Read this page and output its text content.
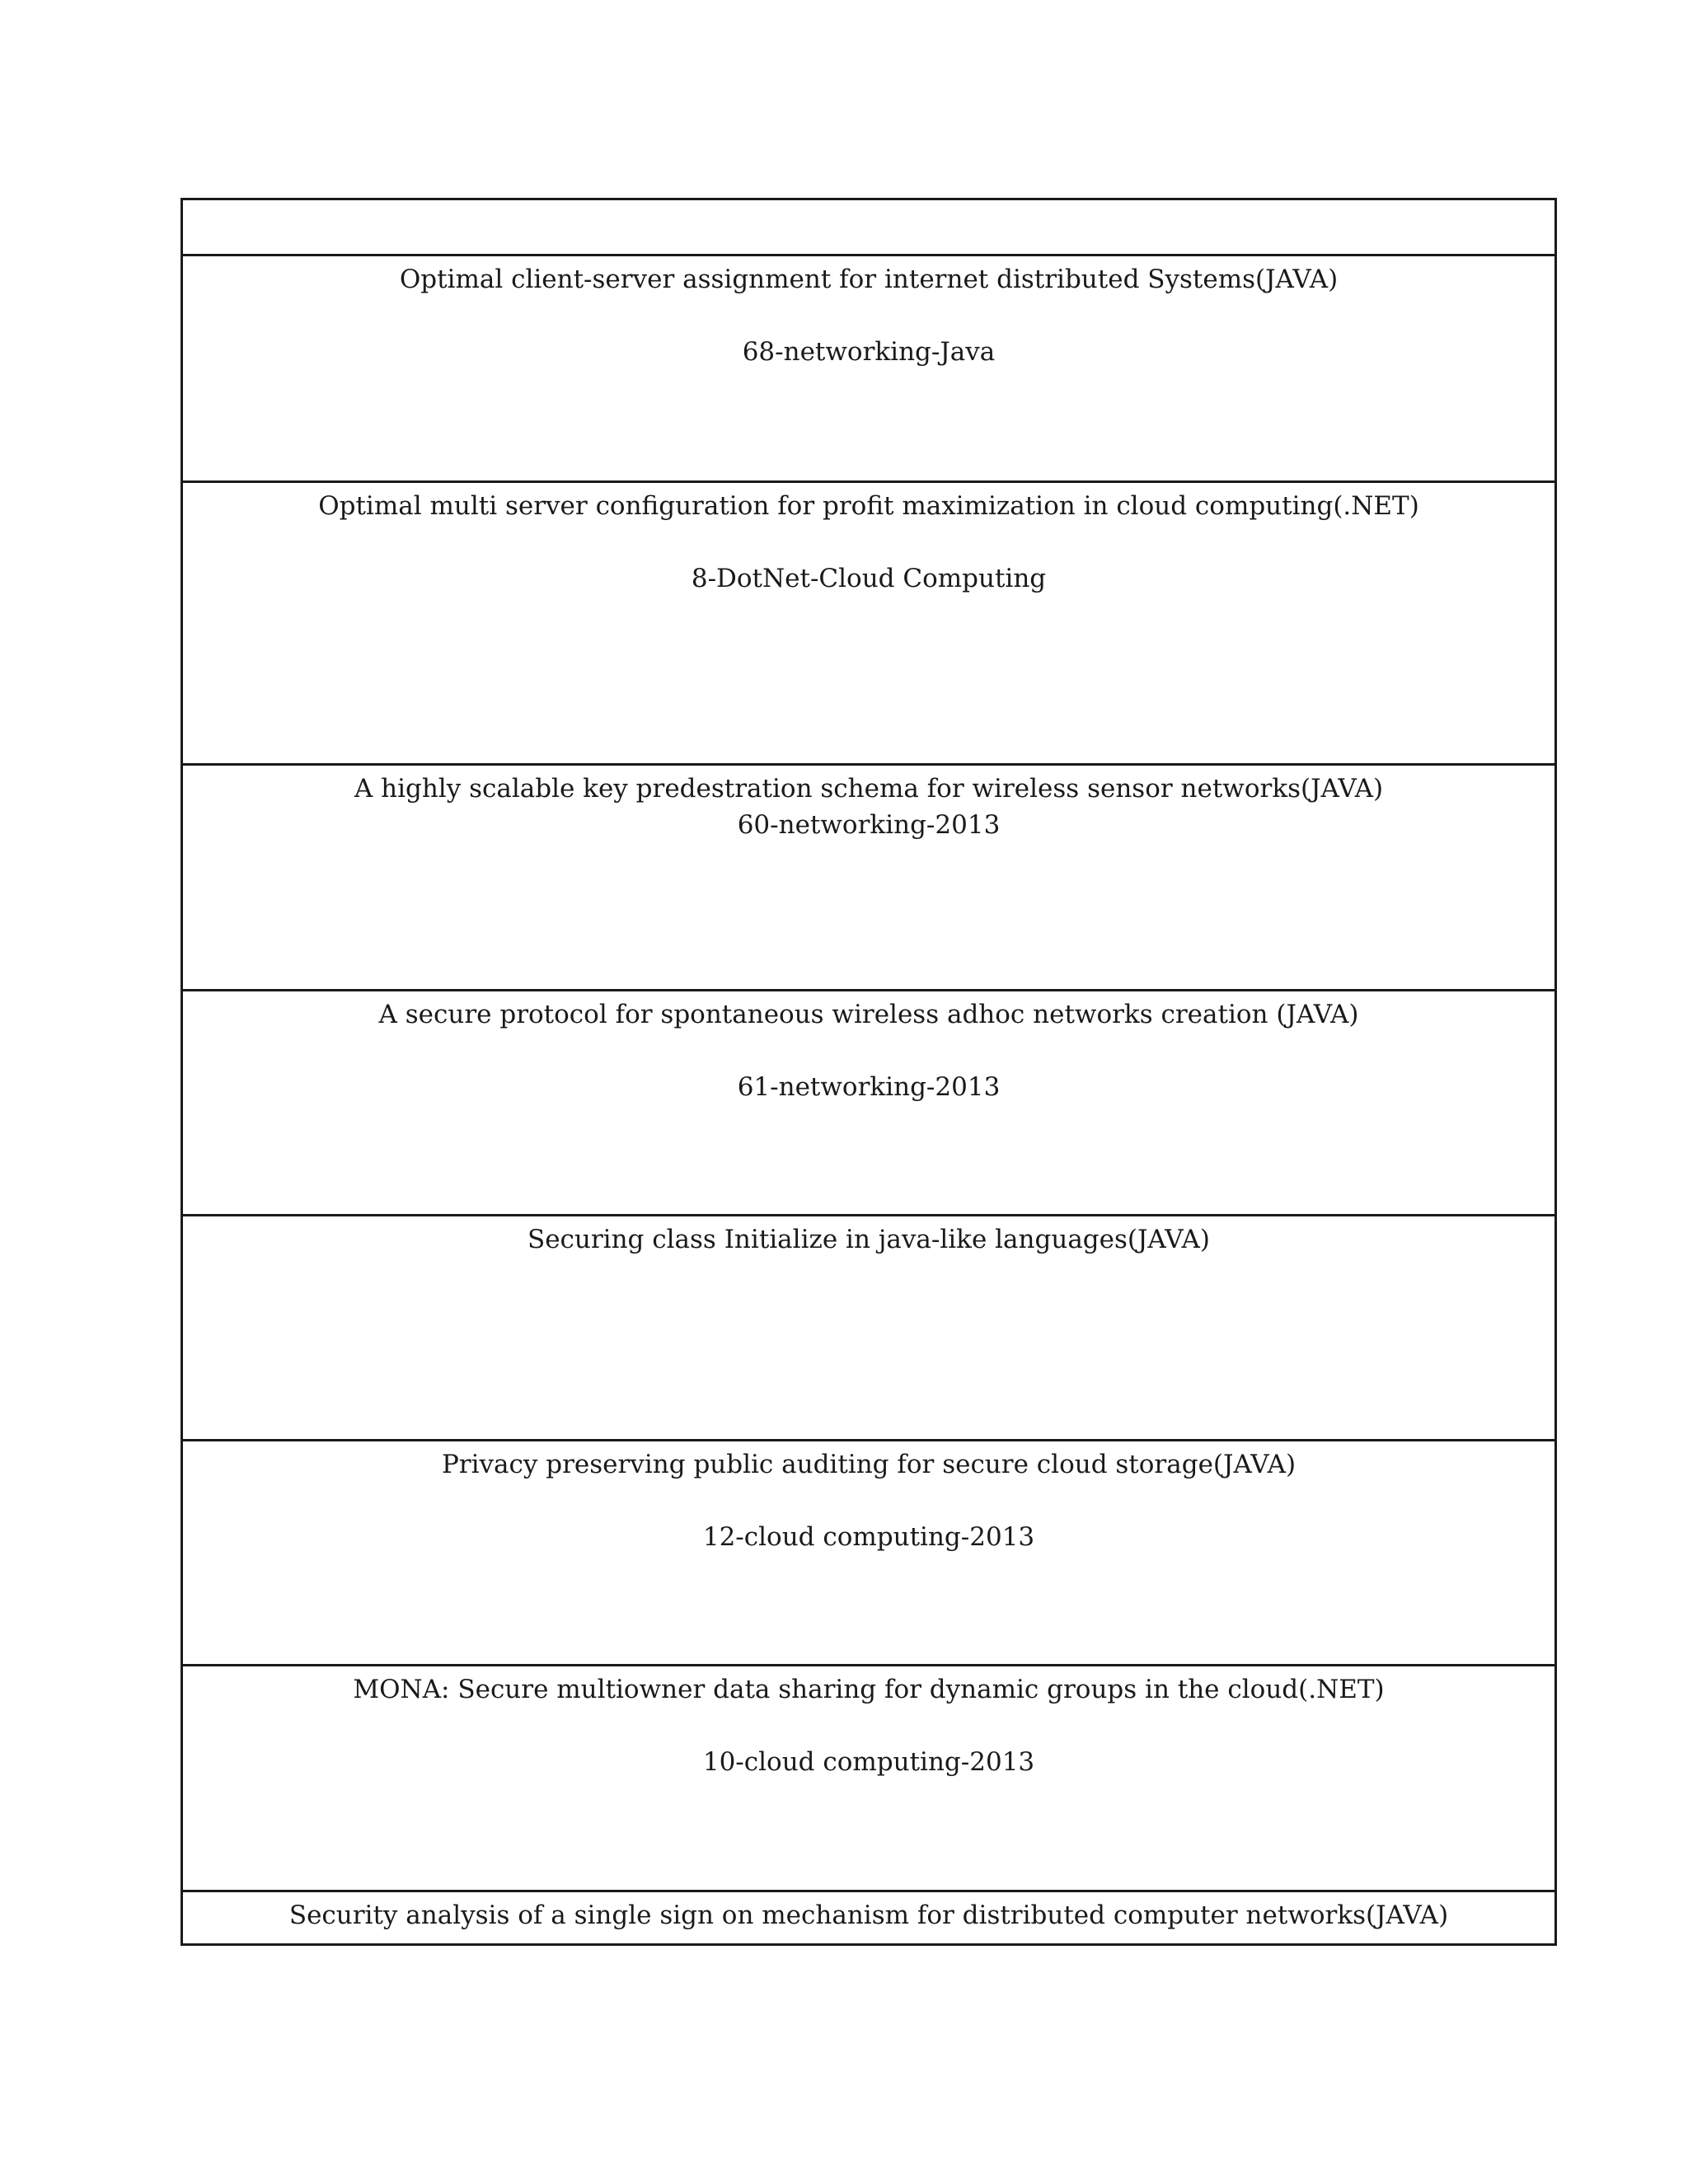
Optimal client-server assignment for internet distributed Systems(JAVA)
68-networking-Java
Optimal multi server configuration for profit maximization in cloud computing(.NET)
8-DotNet-Cloud Computing
A highly scalable key predestration schema for wireless sensor networks(JAVA)
60-networking-2013
A secure protocol for spontaneous wireless adhoc networks creation (JAVA)
61-networking-2013
Securing class Initialize in java-like languages(JAVA)
Privacy preserving public auditing for secure cloud storage(JAVA)
12-cloud computing-2013
MONA: Secure multiowner data sharing for dynamic groups in the cloud(.NET)
10-cloud computing-2013
Security analysis of a single sign on mechanism for distributed computer networks(JAVA)
